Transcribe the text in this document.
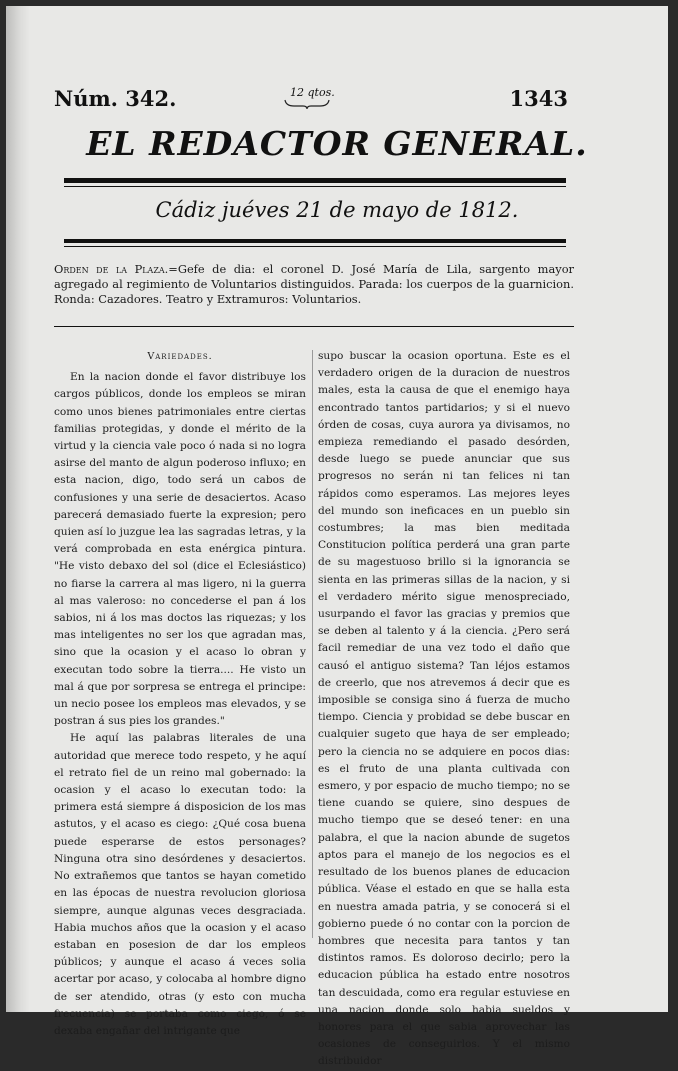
Núm. 342.	12 qtos.	1343
EL REDACTOR GENERAL.
Cádiz juéves 21 de mayo de 1812.
Orden de la Plaza.=Gefe de dia: el coronel D. José María de Lila, sargento mayor agregado al regimiento de Voluntarios distinguidos. Parada: los cuerpos de la guarnicion. Ronda: Cazadores. Teatro y Extramuros: Voluntarios.
Variedades.

En la nacion donde el favor distribuye los cargos públicos, donde los empleos se miran como unos bienes patrimoniales entre ciertas familias protegidas, y donde el mérito de la virtud y la ciencia vale poco ó nada si no logra asirse del manto de algun poderoso influxo; en esta nacion, digo, todo será un cabos de confusiones y una serie de desaciertos. Acaso parecerá demasiado fuerte la expresion; pero quien así lo juzgue lea las sagradas letras, y la verá comprobada en esta enérgica pintura. "He visto debaxo del sol (dice el Eclesiástico) no fiarse la carrera al mas ligero, ni la guerra al mas valeroso: no concederse el pan á los sabios, ni á los mas doctos las riquezas; y los mas inteligentes no ser los que agradan mas, sino que la ocasion y el acaso lo obran y executan todo sobre la tierra.... He visto un mal á que por sorpresa se entrega el principe: un necio posee los empleos mas elevados, y se postran á sus pies los grandes."

He aquí las palabras literales de una autoridad que merece todo respeto, y he aquí el retrato fiel de un reino mal gobernado: la ocasion y el acaso lo executan todo: la primera está siempre á disposicion de los mas astutos, y el acaso es ciego: ¿Qué cosa buena puede esperarse de estos personages? Ninguna otra sino desórdenes y desaciertos. No extrañemos que tantos se hayan cometido en las épocas de nuestra revolucion gloriosa siempre, aunque algunas veces desgraciada. Habia muchos años que la ocasion y el acaso estaban en posesion de dar los empleos públicos; y aunque el acaso á veces solia acertar por acaso, y colocaba al hombre digno de ser atendido, otras (y esto con mucha frecuencia) se portaba como ciego, ó se dexaba engañar del intrigante que

supo buscar la ocasion oportuna. Este es el verdadero origen de la duracion de nuestros males, esta la causa de que el enemigo haya encontrado tantos partidarios; y si el nuevo órden de cosas, cuya aurora ya divisamos, no empieza remediando el pasado desórden, desde luego se puede anunciar que sus progresos no serán ni tan felices ni tan rápidos como esperamos. Las mejores leyes del mundo son ineficaces en un pueblo sin costumbres; la mas bien meditada Constitucion política perderá una gran parte de su magestuoso brillo si la ignorancia se sienta en las primeras sillas de la nacion, y si el verdadero mérito sigue menospreciado, usurpando el favor las gracias y premios que se deben al talento y á la ciencia. ¿Pero será facil remediar de una vez todo el daño que causó el antiguo sistema? Tan léjos estamos de creerlo, que nos atrevemos á decir que es imposible se consiga sino á fuerza de mucho tiempo. Ciencia y probidad se debe buscar en cualquier sugeto que haya de ser empleado; pero la ciencia no se adquiere en pocos dias: es el fruto de una planta cultivada con esmero, y por espacio de mucho tiempo; no se tiene cuando se quiere, sino despues de mucho tiempo que se deseó tener: en una palabra, el que la nacion abunde de sugetos aptos para el manejo de los negocios es el resultado de los buenos planes de educacion pública. Véase el estado en que se halla esta en nuestra amada patria, y se conocerá si el gobierno puede ó no contar con la porcion de hombres que necesita para tantos y tan distintos ramos. Es doloroso decirlo; pero la educacion pública ha estado entre nosotros tan descuidada, como era regular estuviese en una nacion donde solo habia sueldos y honores para el que sabia aprovechar las ocasiones de conseguirlos. Y el mismo distribuidor
